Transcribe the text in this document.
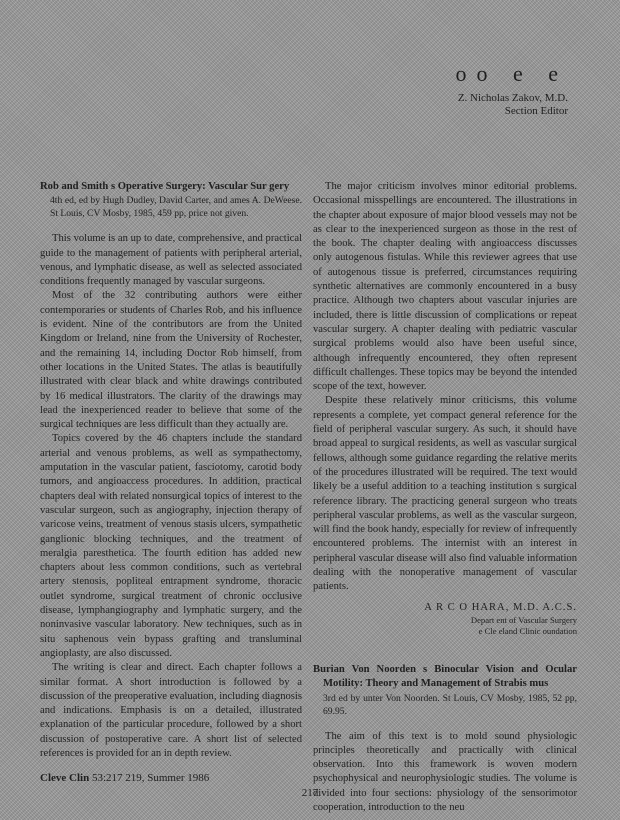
oo e e
Z. Nicholas Zakov, M.D.
Section Editor

Rob and Smith s Operative Surgery: Vascular Sur gery

4th ed, ed by Hugh Dudley, David Carter, and ames A. DeWeese. St Louis, CV Mosby, 1985, 459 pp, price not given.

This volume is an up to date, comprehensive, and practical guide to the management of patients with peripheral arterial, venous, and lymphatic disease, as well as selected associated conditions frequently managed by vascular surgeons.

Most of the 32 contributing authors were either contemporaries or students of Charles Rob, and his influence is evident. Nine of the contributors are from the United Kingdom or Ireland, nine from the University of Rochester, and the remaining 14, including Doctor Rob himself, from other locations in the United States. The atlas is beautifully illustrated with clear black and white drawings contributed by 16 medical illustrators. The clarity of the drawings may lead the inexperienced reader to believe that some of the surgical techniques are less difficult than they actually are.

Topics covered by the 46 chapters include the standard arterial and venous problems, as well as sympathectomy, amputation in the vascular patient, fasciotomy, carotid body tumors, and angioaccess procedures. In addition, practical chapters deal with related nonsurgical topics of interest to the vascular surgeon, such as angiography, injection therapy of varicose veins, treatment of venous stasis ulcers, sympathetic ganglionic blocking techniques, and the treatment of meralgia paresthetica. The fourth edition has added new chapters about less common conditions, such as vertebral artery stenosis, popliteal entrapment syndrome, thoracic outlet syndrome, surgical treatment of chronic occlusive disease, lymphangiography and lymphatic surgery, and the noninvasive vascular laboratory. New techniques, such as in situ saphenous vein bypass grafting and transluminal angioplasty, are also discussed.

The writing is clear and direct. Each chapter follows a similar format. A short introduction is followed by a discussion of the preoperative evaluation, including diagnosis and indications. Emphasis is on a detailed, illustrated explanation of the particular procedure, followed by a short discussion of postoperative care. A short list of selected references is provided for an in depth review.

The major criticism involves minor editorial problems. Occasional misspellings are encountered. The illustrations in the chapter about exposure of major blood vessels may not be as clear to the inexperienced surgeon as those in the rest of the book. The chapter dealing with angioaccess discusses only autogenous fistulas. While this reviewer agrees that use of autogenous tissue is preferred, circumstances requiring synthetic alternatives are commonly encountered in a busy practice. Although two chapters about vascular injuries are included, there is little discussion of complications or repeat vascular surgery. A chapter dealing with pediatric vascular surgical problems would also have been useful since, although infrequently encountered, they often represent difficult challenges. These topics may be beyond the intended scope of the text, however.

Despite these relatively minor criticisms, this volume represents a complete, yet compact general reference for the field of peripheral vascular surgery. As such, it should have broad appeal to surgical residents, as well as vascular surgical fellows, although some guidance regarding the relative merits of the procedures illustrated will be required. The text would likely be a useful addition to a teaching institution s surgical reference library. The practicing general surgeon who treats peripheral vascular problems, as well as the vascular surgeon, will find the book handy, especially for review of infrequently encountered problems. The internist with an interest in peripheral vascular disease will also find valuable information dealing with the nonoperative management of vascular patients.

A R C O HARA, M.D. A.C.S.
Depart ent of Vascular Surgery
e Cle eland Clinic oundation

Burian Von Noorden s Binocular Vision and Ocular Motility: Theory and Management of Strabis mus

3rd ed by unter Von Noorden. St Louis, CV Mosby, 1985, 52 pp, 69.95.

The aim of this text is to mold sound physiologic principles theoretically and practically with clinical observation. Into this framework is woven modern psychophysical and neurophysiologic studies. The volume is divided into four sections: physiology of the sensorimotor cooperation, introduction to the neu

Cleve Clin 53:217 219, Summer 1986
217
